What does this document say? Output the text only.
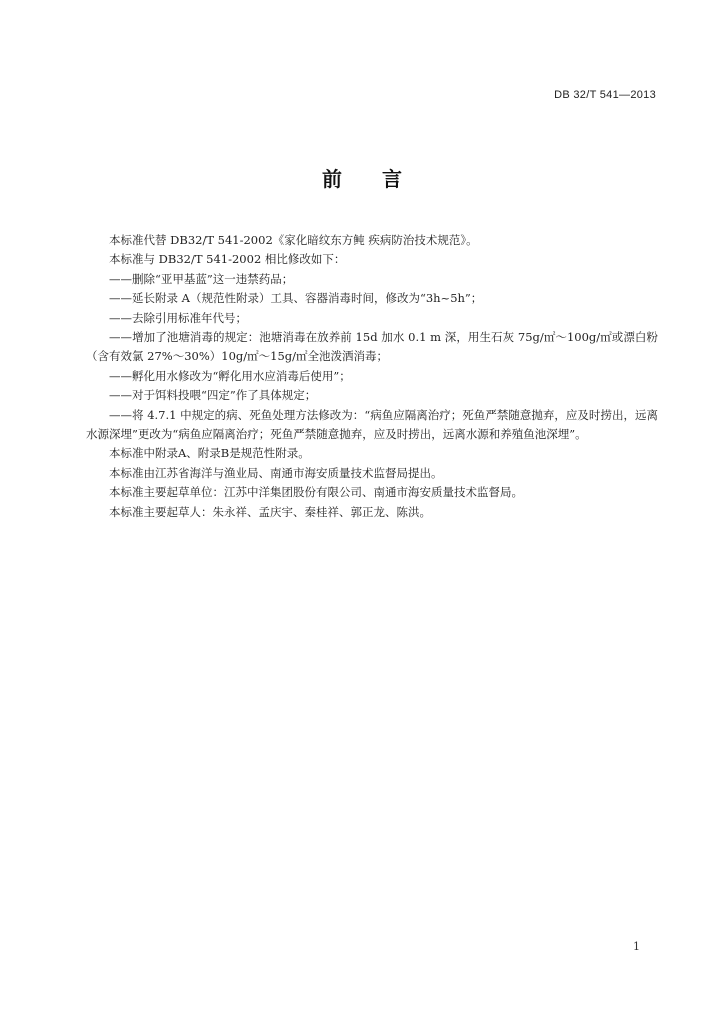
DB 32/T 541—2013
前 言

本标准代替 DB32/T 541-2002《家化暗纹东方鲀 疾病防治技术规范》。

本标准与 DB32/T 541-2002 相比修改如下：

——删除“亚甲基蓝”这一违禁药品；

——延长附录 A（规范性附录）工具、容器消毒时间，修改为“3h~5h”；

——去除引用标准年代号；

——增加了池塘消毒的规定：池塘消毒在放养前 15d 加水 0.1 m 深，用生石灰 75g/㎡～100g/㎡或漂白粉（含有效氯 27%～30%）10g/㎡～15g/㎡全池泼洒消毒；

——孵化用水修改为“孵化用水应消毒后使用”；

——对于饵料投喂“四定”作了具体规定；

——将 4.7.1 中规定的病、死鱼处理方法修改为：“病鱼应隔离治疗；死鱼严禁随意抛弃，应及时捞出，远离水源深埋”更改为“病鱼应隔离治疗；死鱼严禁随意抛弃，应及时捞出，远离水源和养殖鱼池深埋”。

本标准中附录A、附录B是规范性附录。

本标准由江苏省海洋与渔业局、南通市海安质量技术监督局提出。

本标准主要起草单位：江苏中洋集团股份有限公司、南通市海安质量技术监督局。

本标准主要起草人：朱永祥、孟庆宇、秦桂祥、郭正龙、陈洪。

1
